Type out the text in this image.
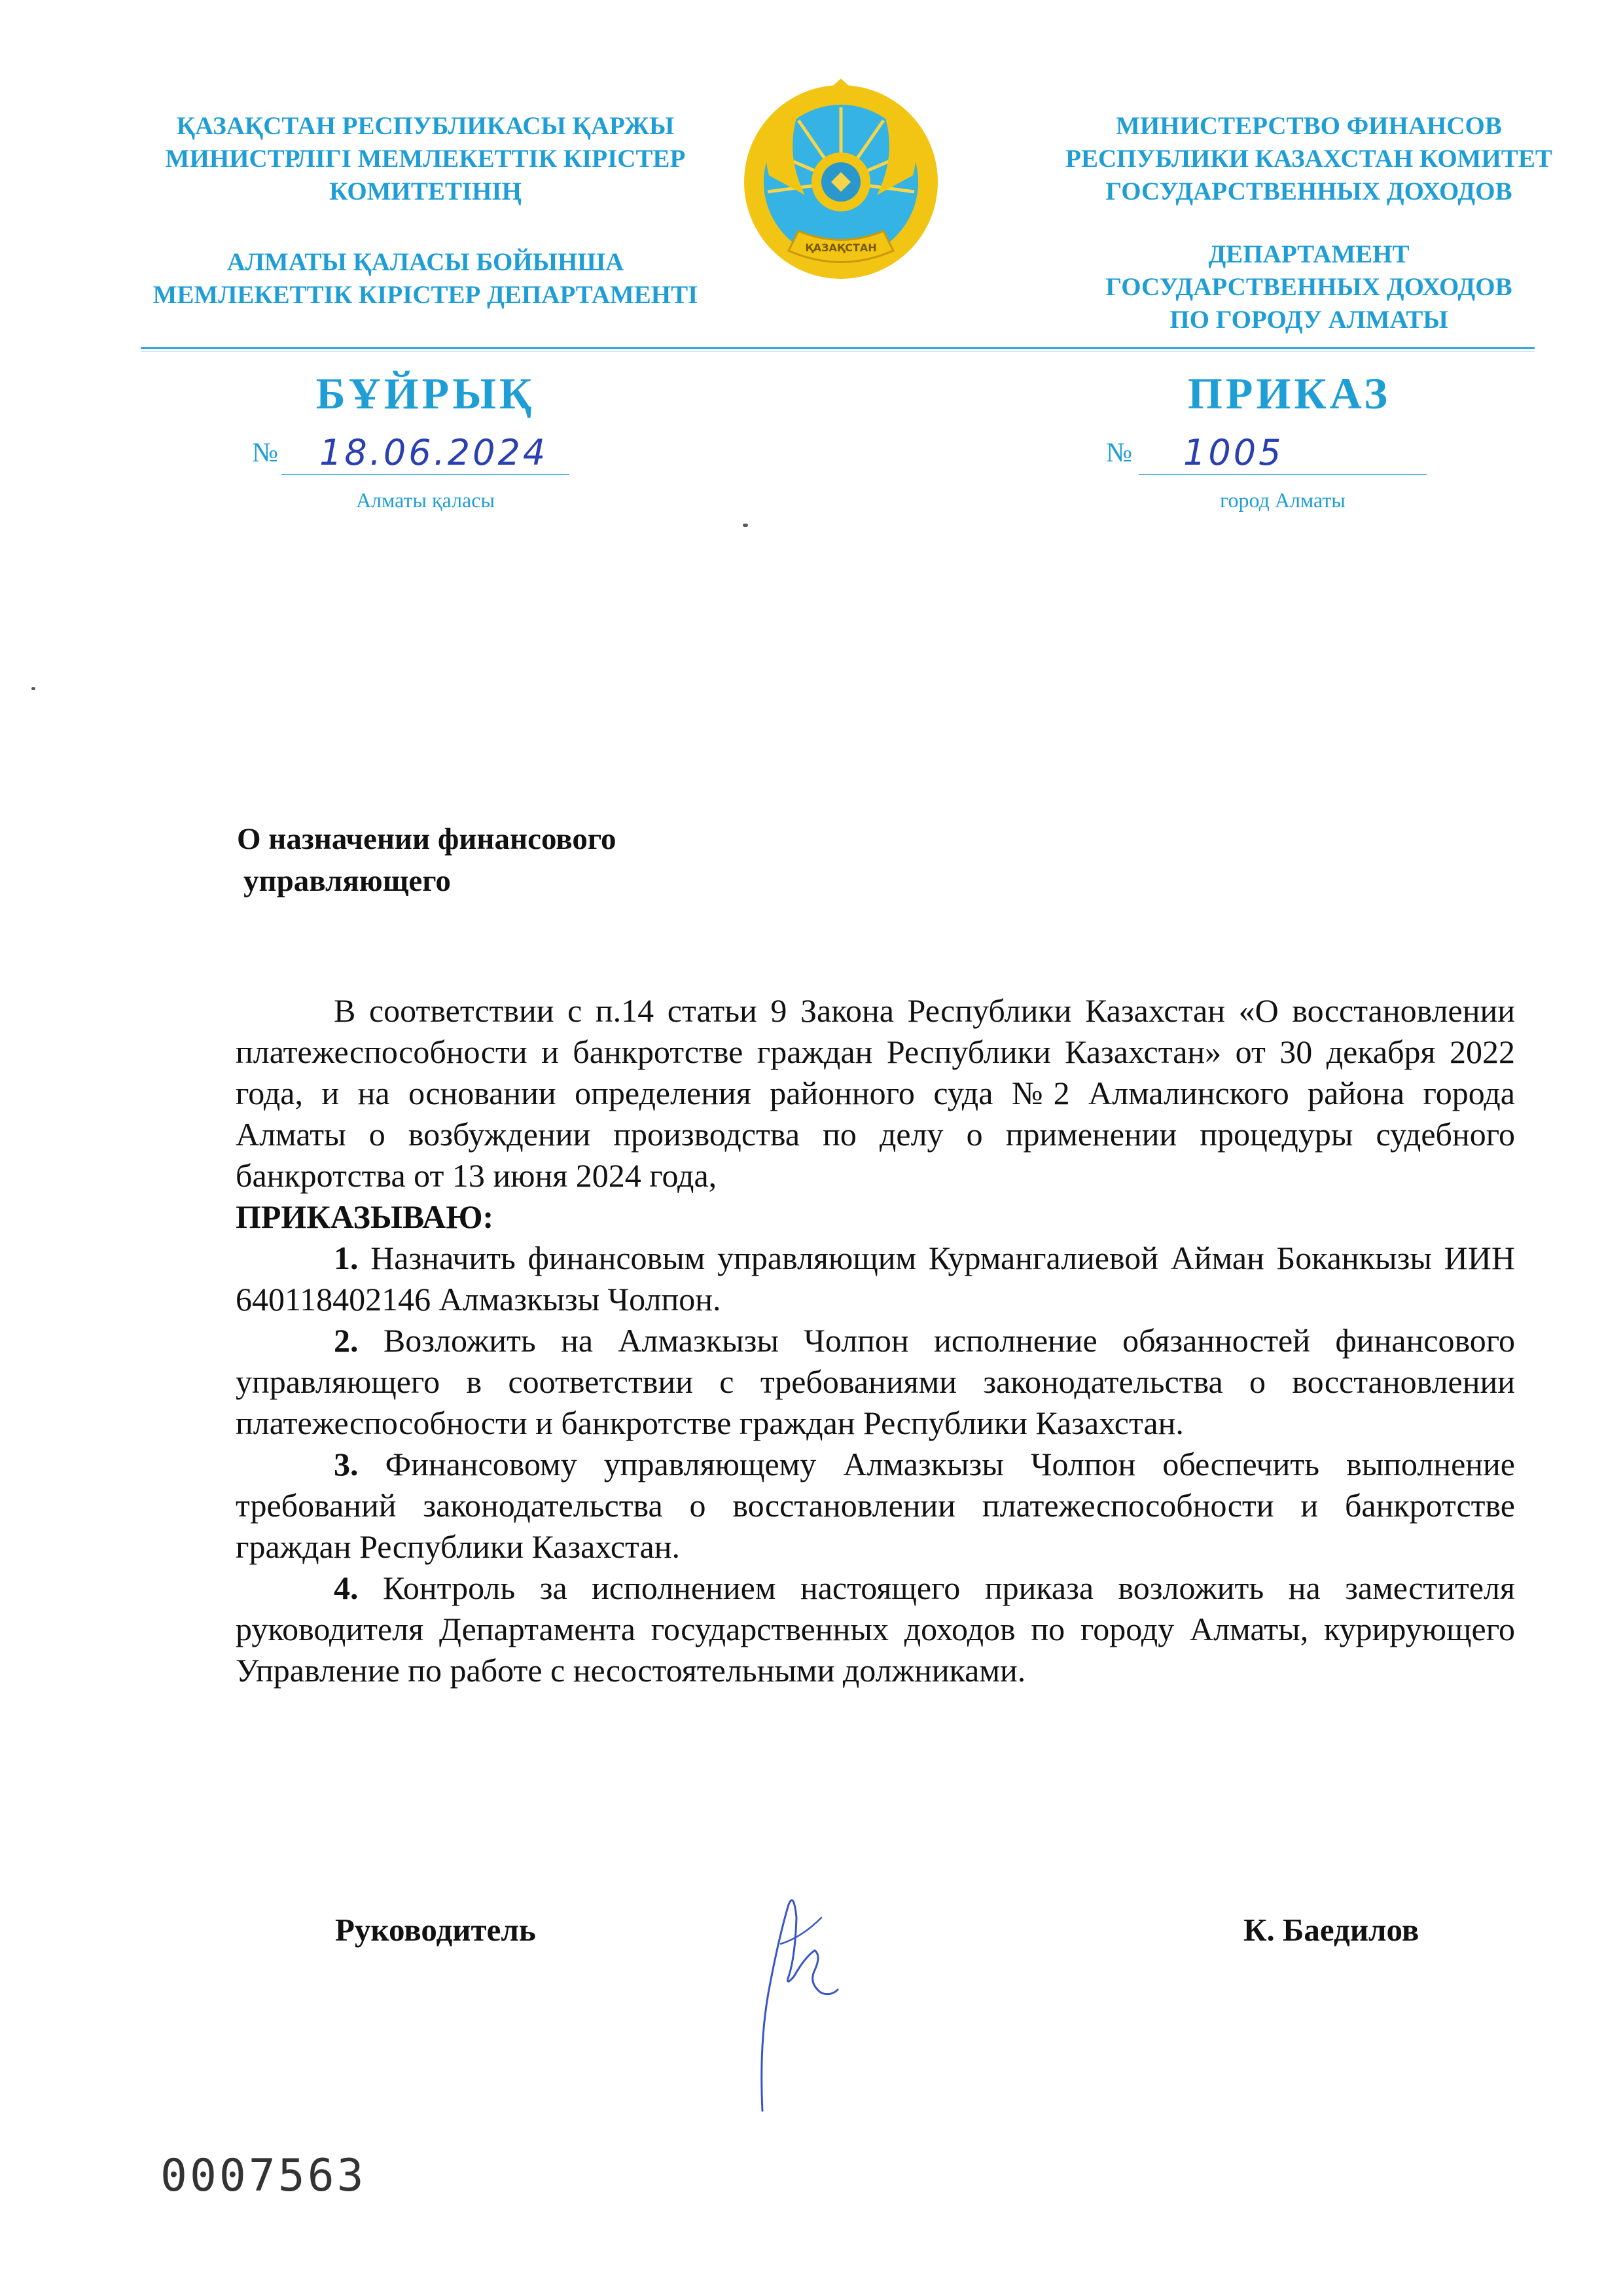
ҚАЗАҚСТАН РЕСПУБЛИКАСЫ ҚАРЖЫ
МИНИСТРЛІГІ МЕМЛЕКЕТТІК КІРІСТЕР
КОМИТЕТІНІҢ
АЛМАТЫ ҚАЛАСЫ БОЙЫНША
МЕМЛЕКЕТТІК КІРІСТЕР ДЕПАРТАМЕНТІ
ҚАЗАҚСТАН
МИНИСТЕРСТВО ФИНАНСОВ
РЕСПУБЛИКИ КАЗАХСТАН КОМИТЕТ
ГОСУДАРСТВЕННЫХ ДОХОДОВ
ДЕПАРТАМЕНТ
ГОСУДАРСТВЕННЫХ ДОХОДОВ
ПО ГОРОДУ АЛМАТЫ
БҰЙРЫҚ	ПРИКАЗ
№ 18.06.2024
Алматы қаласы
№ 1005
город Алматы
О назначении финансового
управляющего

В соответствии с п.14 статьи 9 Закона Республики Казахстан «О восстановлении платежеспособности и банкротстве граждан Республики Казахстан» от 30 декабря 2022 года, и на основании определения районного суда №2 Алмалинского района города Алматы о возбуждении производства по делу о применении процедуры судебного банкротства от 13 июня 2024 года,

ПРИКАЗЫВАЮ:

1. Назначить финансовым управляющим Курмангалиевой Айман Боканкызы ИИН 640118402146 Алмазкызы Чолпон.

2. Возложить на Алмазкызы Чолпон исполнение обязанностей финансового управляющего в соответствии с требованиями законодательства о восстановлении платежеспособности и банкротстве граждан Республики Казахстан.

3. Финансовому управляющему Алмазкызы Чолпон обеспечить выполнение требований законодательства о восстановлении платежеспособности и банкротстве граждан Республики Казахстан.

4. Контроль за исполнением настоящего приказа возложить на заместителя руководителя Департамента государственных доходов по городу Алматы, курирующего Управление по работе с несостоятельными должниками.

Руководитель	К. Баедилов
0007563
